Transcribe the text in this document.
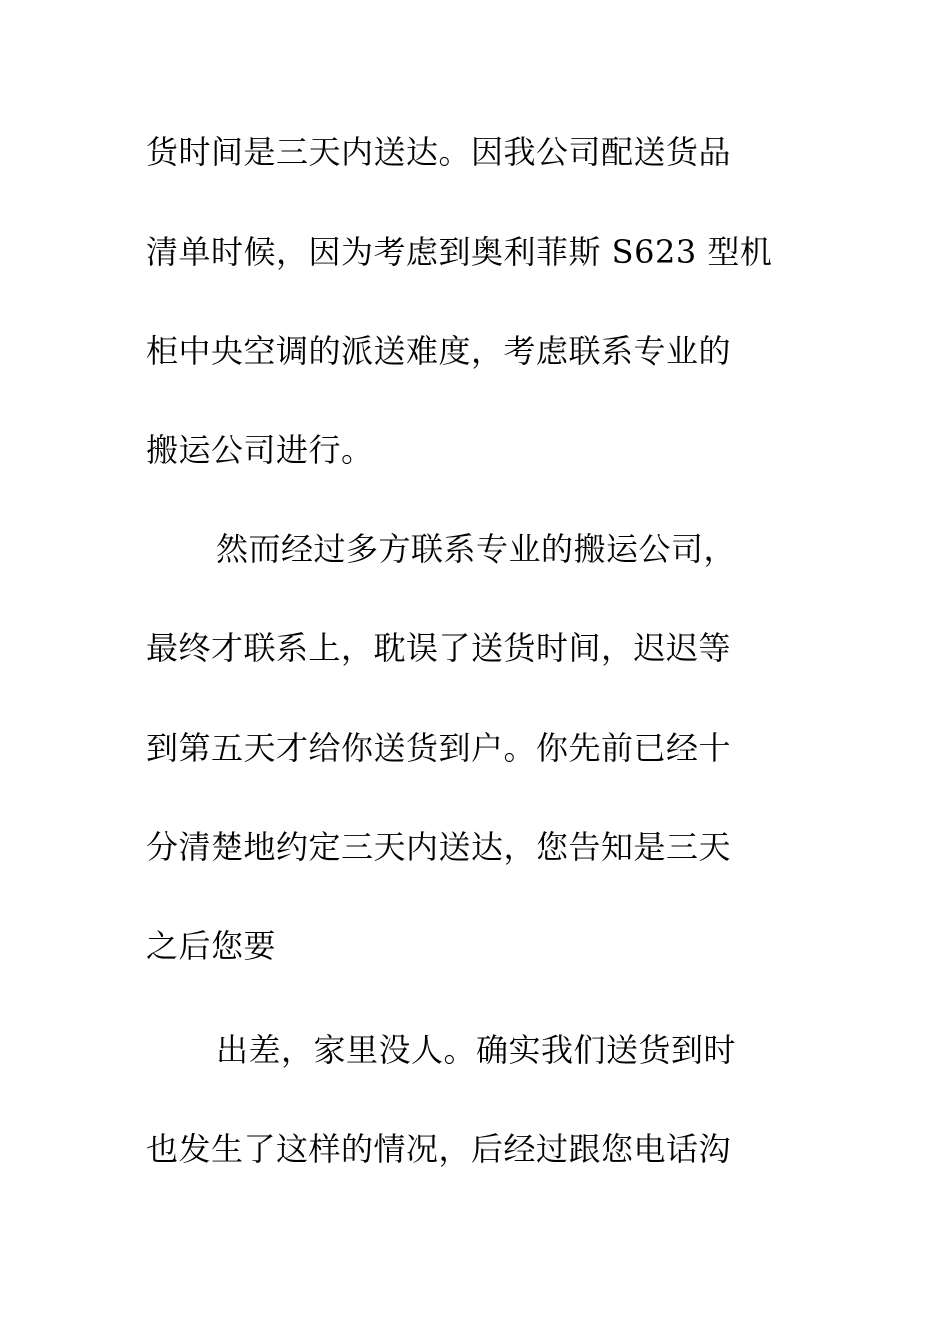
货时间是三天内送达。因我公司配送货品
清单时候，因为考虑到奥利菲斯 S623 型机
柜中央空调的派送难度，考虑联系专业的
搬运公司进行。
然而经过多方联系专业的搬运公司，
最终才联系上，耽误了送货时间，迟迟等
到第五天才给你送货到户。你先前已经十
分清楚地约定三天内送达，您告知是三天
之后您要
出差，家里没人。确实我们送货到时
也发生了这样的情况，后经过跟您电话沟
